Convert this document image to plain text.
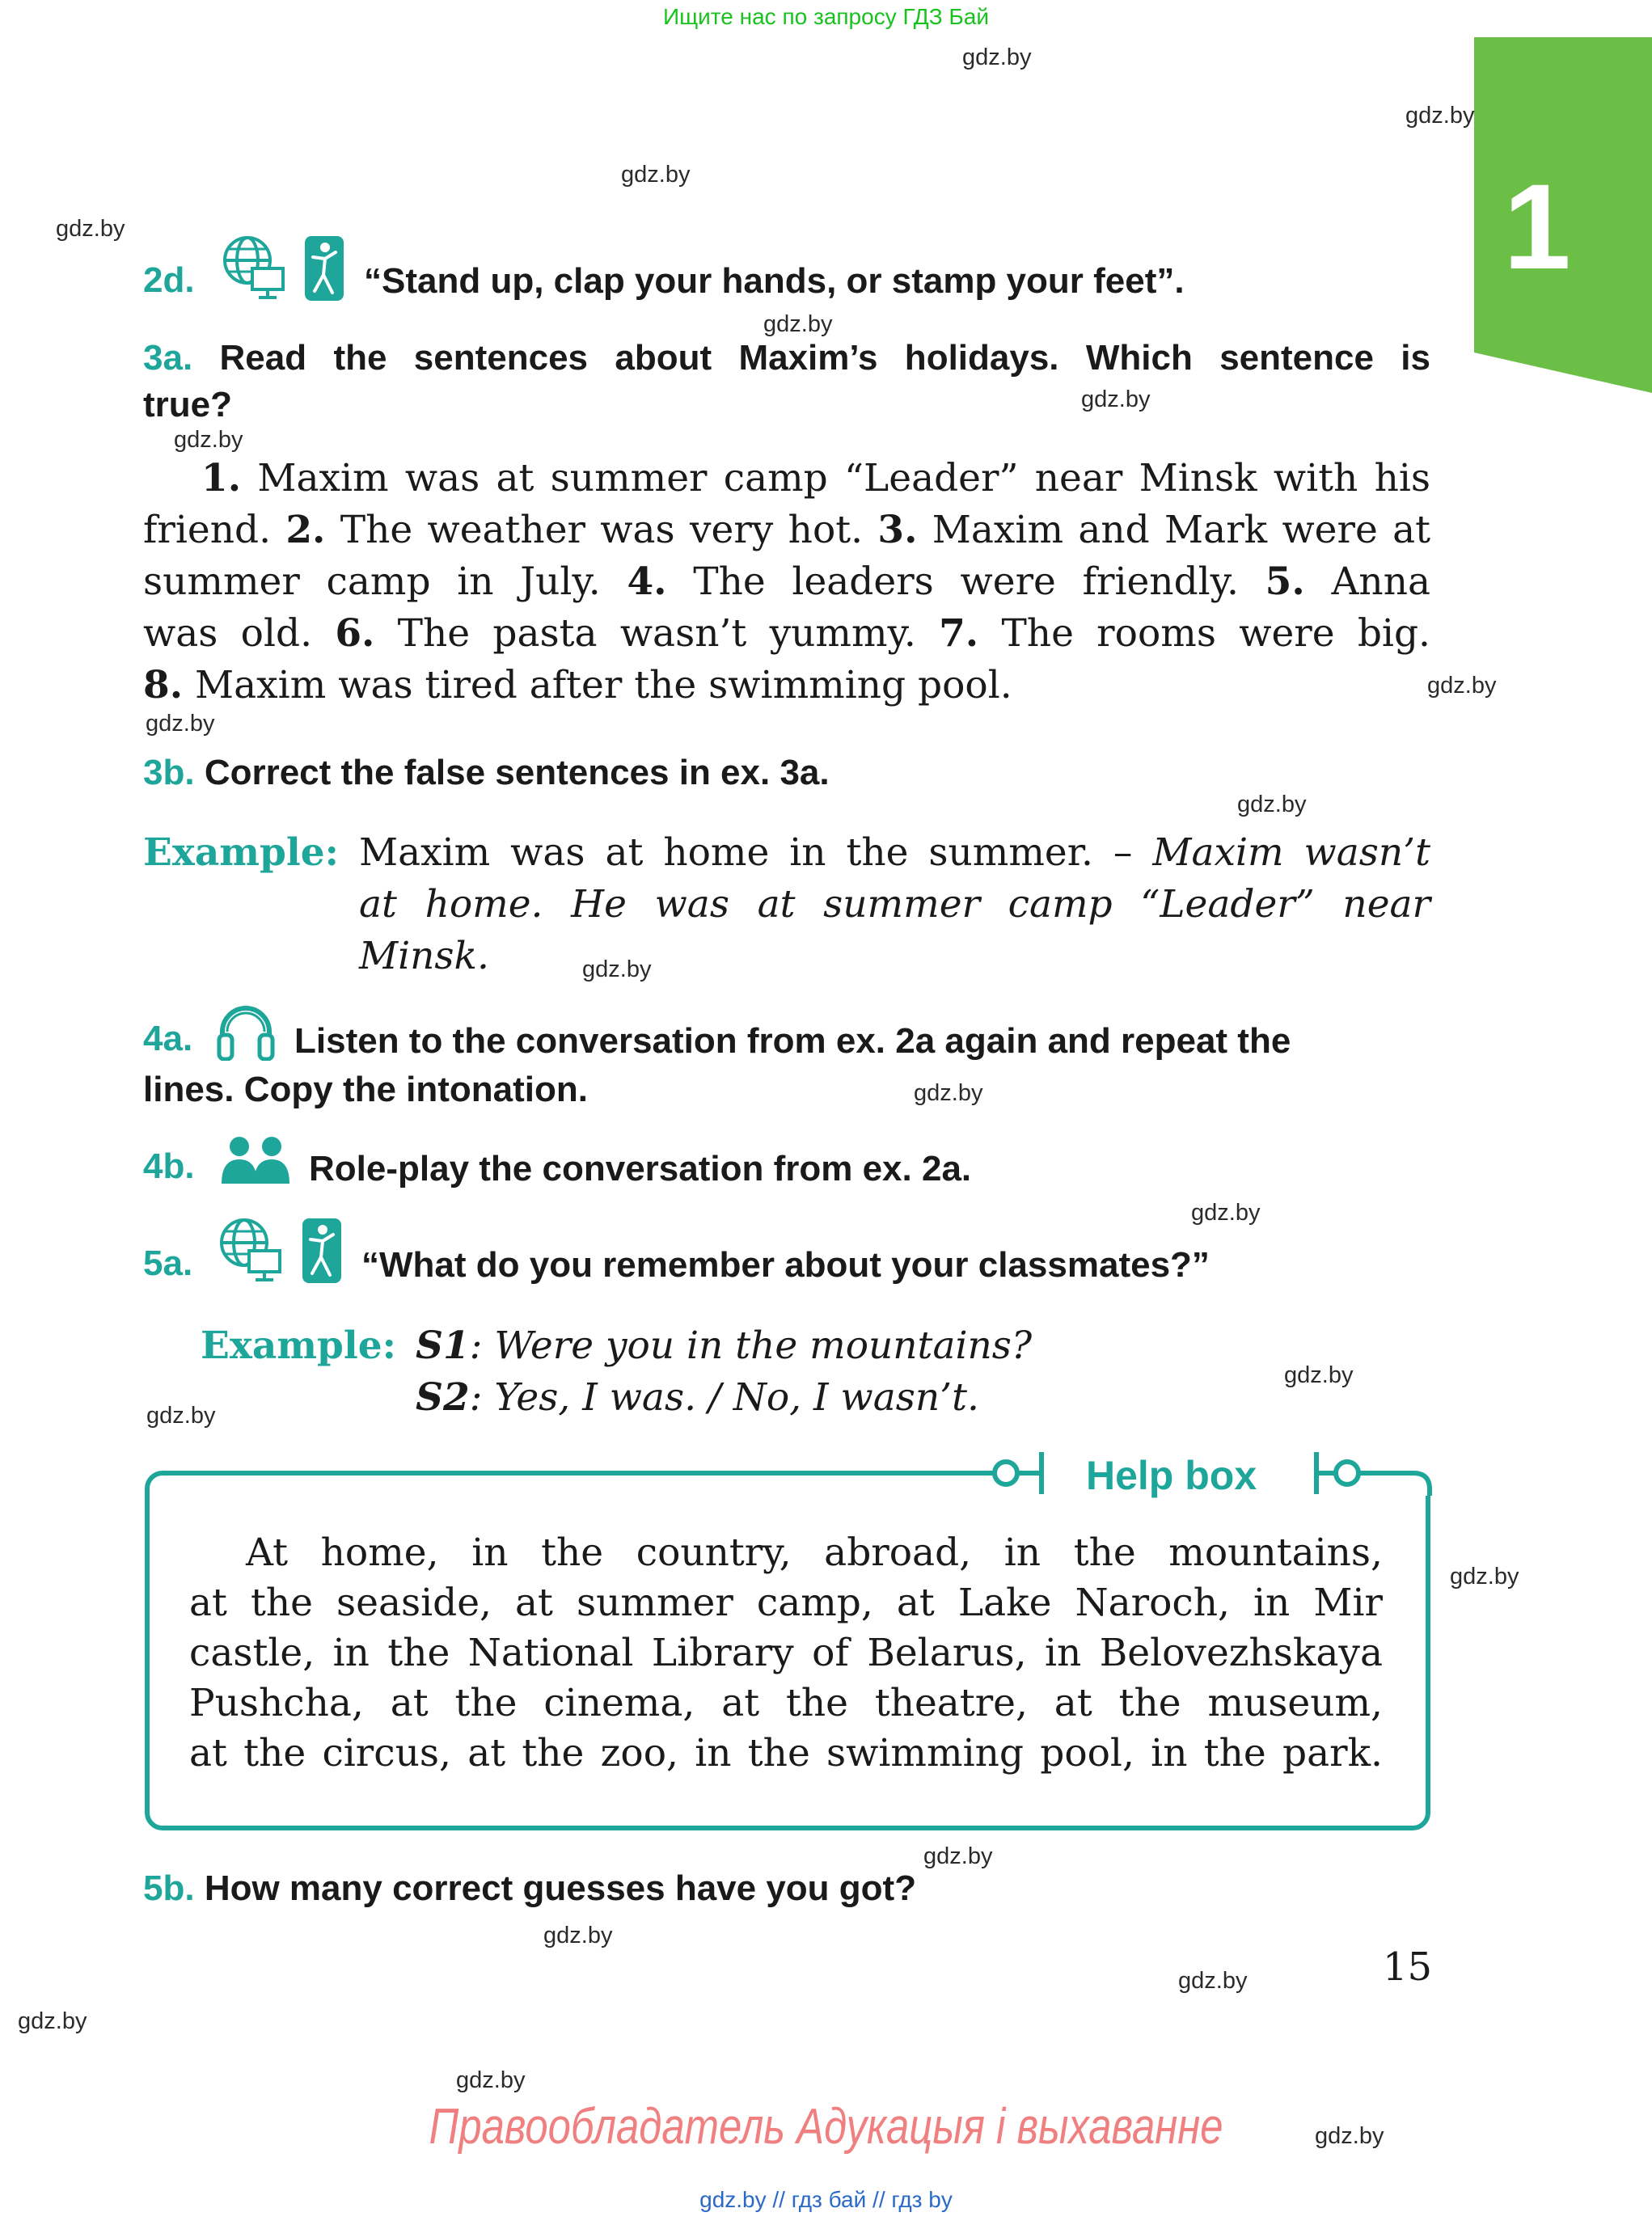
Ищите нас по запросу ГДЗ Бай
1
gdz.by
gdz.by
gdz.by
gdz.by
gdz.by
gdz.by
gdz.by
gdz.by
gdz.by
gdz.by
gdz.by
gdz.by
gdz.by
gdz.by
gdz.by
gdz.by
gdz.by
gdz.by
gdz.by
gdz.by
gdz.by
gdz.by
2d.	“Stand up, clap your hands, or stamp your feet”.
3a. Read the sentences about Maxim’s holidays. Which sentence is
true?
1. Maxim was at summer camp “Leader” near Minsk with his
friend. 2. The weather was very hot. 3. Maxim and Mark were at
summer camp in July. 4. The leaders were friendly. 5. Anna
was old. 6. The pasta wasn’t yummy. 7. The rooms were big.
8. Maxim was tired after the swimming pool.
3b. Correct the false sentences in ex. 3a.
Example: Maxim was at home in the summer. – Maxim wasn’t
at home. He was at summer camp “Leader” near
Minsk.
4a.	Listen to the conversation from ex. 2a again and repeat the
lines. Copy the intonation.
4b.	Role-play the conversation from ex. 2a.
5a.	“What do you remember about your classmates?”
Example: S1: Were you in the mountains?
S2: Yes, I was. / No, I wasn’t.
Help box
At home, in the country, abroad, in the mountains,
at the seaside, at summer camp, at Lake Naroch, in Mir
castle, in the National Library of Belarus, in Belovezhskaya
Pushcha, at the cinema, at the theatre, at the museum,
at the circus, at the zoo, in the swimming pool, in the park.
5b. How many correct guesses have you got?
15
Правообладатель Адукацыя і выхаванне
gdz.by // гдз бай // гдз by
